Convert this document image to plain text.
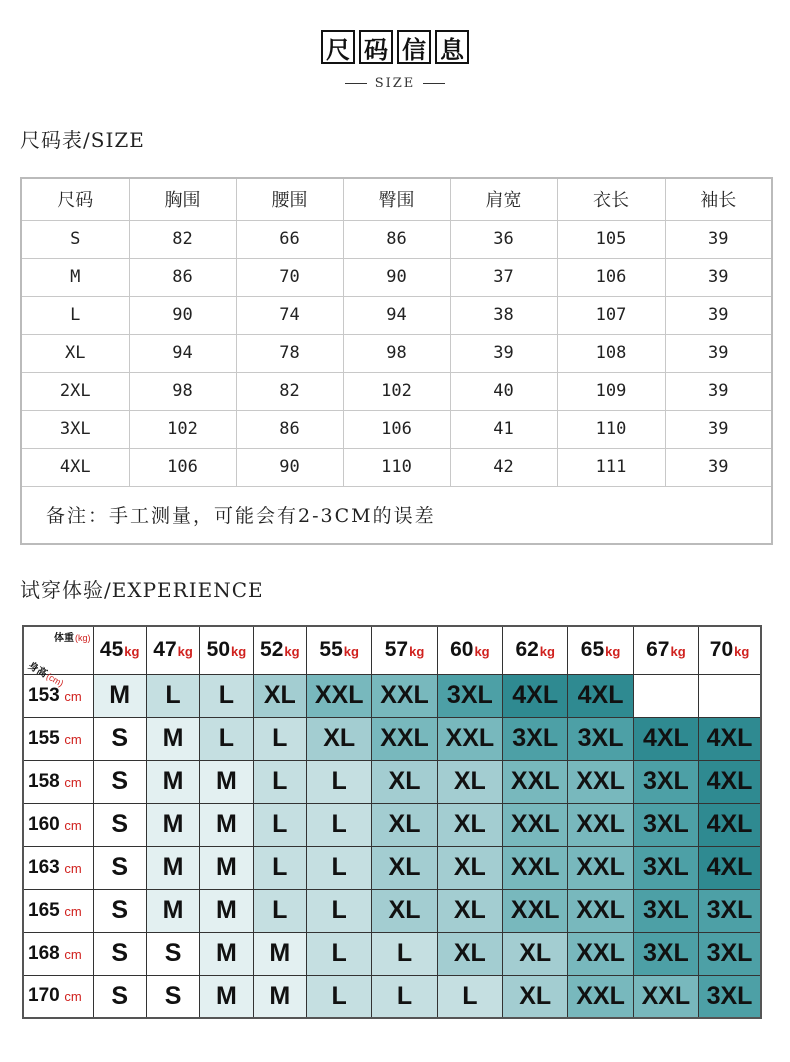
尺 码 信 息
SIZE
尺码表/SIZE
尺码	胸围	腰围	臀围	肩宽	衣长	袖长
S	82	66	86	36	105	39
M	86	70	90	37	106	39
L	90	74	94	38	107	39
XL	94	78	98	39	108	39
2XL	98	82	102	40	109	39
3XL	102	86	106	41	110	39
4XL	106	90	110	42	111	39
备注：手工测量，可能会有2-3CM的误差						
试穿体验/EXPERIENCE
体重(kg)
身高(cm)	45kg	47kg	50kg	52kg	55kg	57kg	60kg	62kg	65kg	67kg	70kg
153 cm	M	L	L	XL	XXL	XXL	3XL	4XL	4XL		
155 cm	S	M	L	L	XL	XXL	XXL	3XL	3XL	4XL	4XL
158 cm	S	M	M	L	L	XL	XL	XXL	XXL	3XL	4XL
160 cm	S	M	M	L	L	XL	XL	XXL	XXL	3XL	4XL
163 cm	S	M	M	L	L	XL	XL	XXL	XXL	3XL	4XL
165 cm	S	M	M	L	L	XL	XL	XXL	XXL	3XL	3XL
168 cm	S	S	M	M	L	L	XL	XL	XXL	3XL	3XL
170 cm	S	S	M	M	L	L	L	XL	XXL	XXL	3XL
